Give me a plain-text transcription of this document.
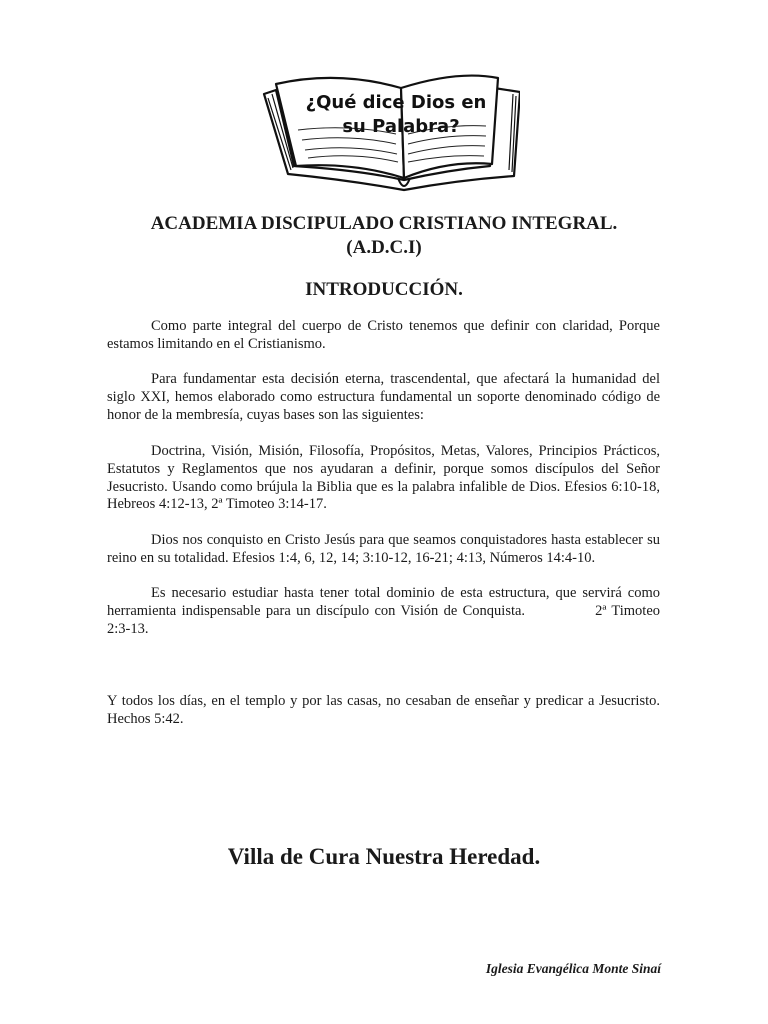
¿Qué dice Dios en
su Palabra?
ACADEMIA DISCIPULADO CRISTIANO INTEGRAL.
(A.D.C.I)
INTRODUCCIÓN.

Como parte integral del cuerpo de Cristo tenemos que definir con claridad, Porque estamos limitando en el Cristianismo.

Para fundamentar esta decisión eterna, trascendental, que afectará la humanidad del siglo XXI, hemos elaborado como estructura fundamental un soporte denominado código de honor de la membresía, cuyas bases son las siguientes:

Doctrina, Visión, Misión, Filosofía, Propósitos, Metas, Valores, Principios Prácticos, Estatutos y Reglamentos que nos ayudaran a definir, porque somos discípulos del Señor Jesucristo. Usando como brújula la Biblia que es la palabra infalible de Dios. Efesios 6:10-18, Hebreos 4:12-13, 2ª Timoteo 3:14-17.

Dios nos conquisto en Cristo Jesús para que seamos conquistadores hasta establecer su reino en su totalidad. Efesios 1:4, 6, 12, 14; 3:10-12, 16-21; 4:13, Números 14:4-10.

Es necesario estudiar hasta tener total dominio de esta estructura, que servirá como herramienta indispensable para un discípulo con Visión de Conquista.	2ª Timoteo 2:3-13.

Y todos los días, en el templo y por las casas, no cesaban de enseñar y predicar a Jesucristo. Hechos 5:42.

Villa de Cura Nuestra Heredad.
Iglesia Evangélica Monte Sinaí
